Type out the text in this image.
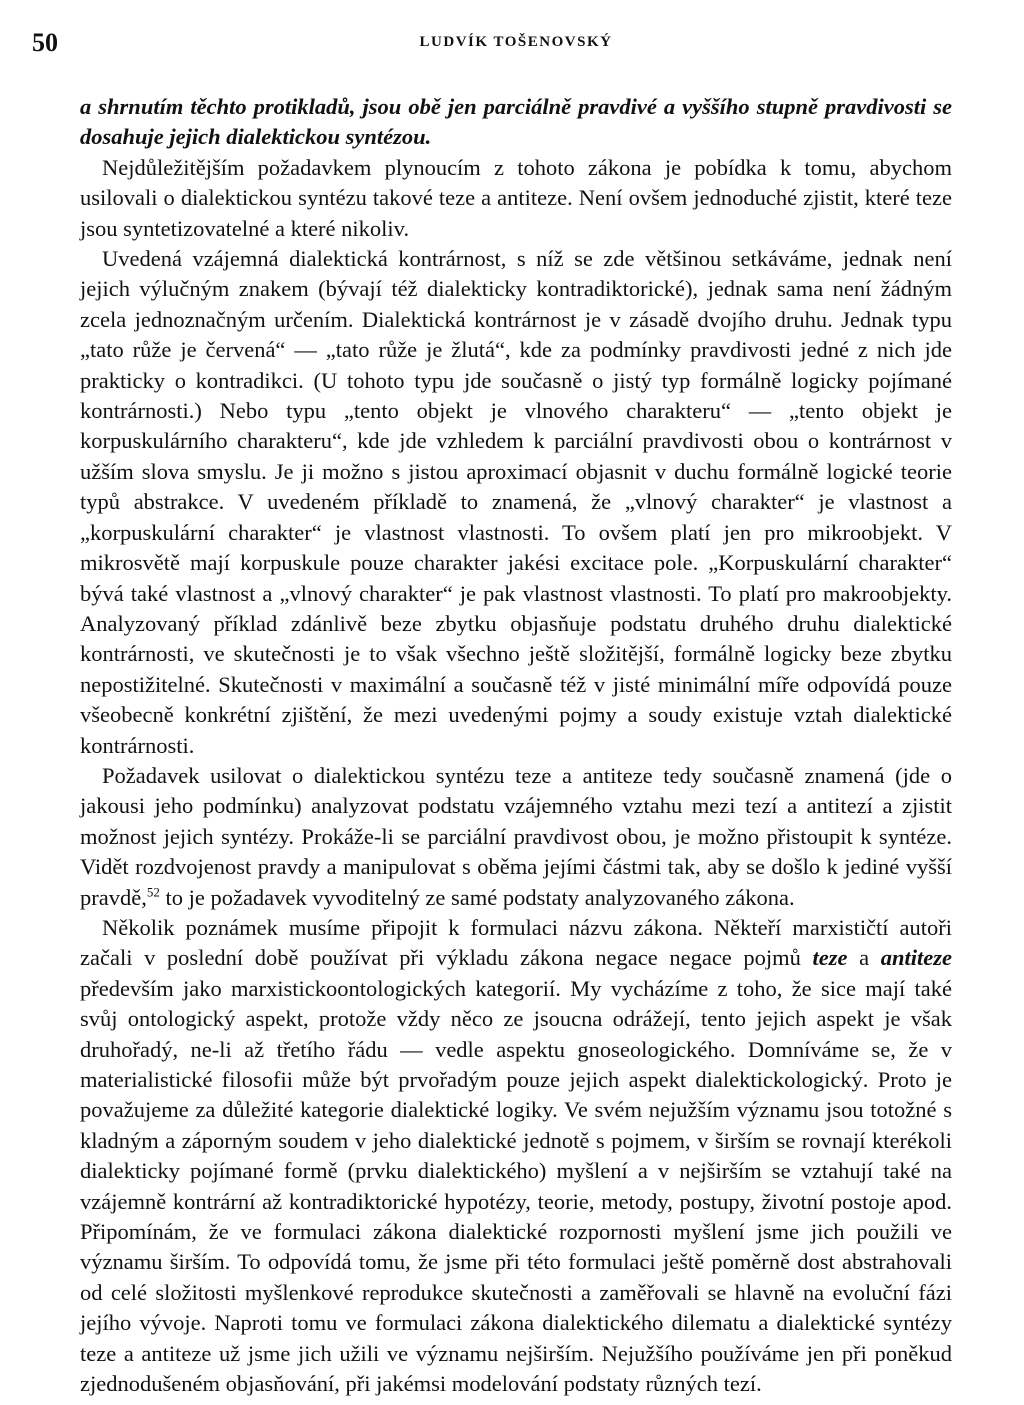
50	LUDVÍK TOŠENOVSKÝ

a shrnutím těchto protikladů, jsou obě jen parciálně pravdivé a vyššího stupně pravdivosti se dosahuje jejich dialektickou syntézou.

Nejdůležitějším požadavkem plynoucím z tohoto zákona je pobídka k tomu, abychom usilovali o dialektickou syntézu takové teze a antiteze. Není ovšem jednoduché zjistit, které teze jsou syntetizovatelné a které nikoliv.

Uvedená vzájemná dialektická kontrárnost, s níž se zde většinou setkáváme, jednak není jejich výlučným znakem (bývají též dialekticky kontradiktorické), jednak sama není žádným zcela jednoznačným určením. Dialektická kontrárnost je v zásadě dvojího druhu. Jednak typu „tato růže je červená“ — „tato růže je žlutá“, kde za podmínky pravdivosti jedné z nich jde prakticky o kontradikci. (U tohoto typu jde současně o jistý typ formálně logicky pojímané kontrárnosti.) Nebo typu „tento objekt je vlnového charakteru“ — „tento objekt je korpuskulárního charakteru“, kde jde vzhledem k parciální pravdivosti obou o kontrárnost v užším slova smyslu. Je ji možno s jistou aproximací objasnit v duchu formálně logické teorie typů abstrakce. V uvedeném příkladě to znamená, že „vlnový charakter“ je vlastnost a „korpuskulární charakter“ je vlastnost vlastnosti. To ovšem platí jen pro mikroobjekt. V mikrosvětě mají korpuskule pouze charakter jakési excitace pole. „Korpuskulární charakter“ bývá také vlastnost a „vlnový charakter“ je pak vlastnost vlastnosti. To platí pro makroobjekty. Analyzovaný příklad zdánlivě beze zbytku objasňuje podstatu druhého druhu dialektické kontrárnosti, ve skutečnosti je to však všechno ještě složitější, formálně logicky beze zbytku nepostižitelné. Skutečnosti v maximální a současně též v jisté minimální míře odpovídá pouze všeobecně konkrétní zjištění, že mezi uvedenými pojmy a soudy existuje vztah dialektické kontrárnosti.

Požadavek usilovat o dialektickou syntézu teze a antiteze tedy současně znamená (jde o jakousi jeho podmínku) analyzovat podstatu vzájemného vztahu mezi tezí a antitezí a zjistit možnost jejich syntézy. Prokáže-li se parciální pravdivost obou, je možno přistoupit k syntéze. Vidět rozdvojenost pravdy a manipulovat s oběma jejími částmi tak, aby se došlo k jediné vyšší pravdě,$^{52}$ to je požadavek vyvoditelný ze samé podstaty analyzovaného zákona.

Několik poznámek musíme připojit k formulaci názvu zákona. Někteří marxističtí autoři začali v poslední době používat při výkladu zákona negace negace pojmů teze a antiteze především jako marxistickoontologických kategorií. My vycházíme z toho, že sice mají také svůj ontologický aspekt, protože vždy něco ze jsoucna odrážejí, tento jejich aspekt je však druhořadý, ne-li až třetího řádu — vedle aspektu gnoseologického. Domníváme se, že v materialistické filosofii může být prvořadým pouze jejich aspekt dialektickologický. Proto je považujeme za důležité kategorie dialektické logiky. Ve svém nejužším významu jsou totožné s kladným a záporným soudem v jeho dialektické jednotě s pojmem, v širším se rovnají kterékoli dialekticky pojímané formě (prvku dialektického) myšlení a v nejširším se vztahují také na vzájemně kontrární až kontradiktorické hypotézy, teorie, metody, postupy, životní postoje apod. Připomínám, že ve formulaci zákona dialektické rozpornosti myšlení jsme jich použili ve významu širším. To odpovídá tomu, že jsme při této formulaci ještě poměrně dost abstrahovali od celé složitosti myšlenkové reprodukce skutečnosti a zaměřovali se hlavně na evoluční fázi jejího vývoje. Naproti tomu ve formulaci zákona dialektického dilematu a dialektické syntézy teze a antiteze už jsme jich užili ve významu nejširším. Nejužšího používáme jen při poněkud zjednodušeném objasňování, při jakémsi modelování podstaty různých tezí.
